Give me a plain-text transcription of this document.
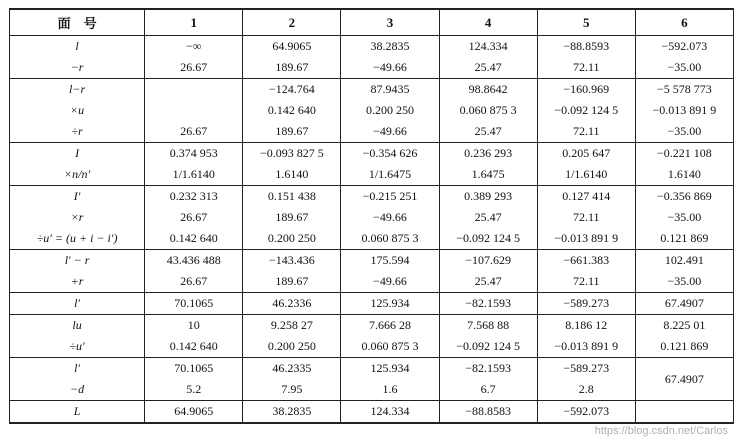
面　号	1	2	3	4	5	6
l	−∞	64.9065	38.2835	124.334	−88.8593	−592.073
−r	26.67	189.67	−49.66	25.47	72.11	−35.00
l−r		−124.764	87.9435	98.8642	−160.969	−5 578 773
×u		0.142 640	0.200 250	0.060 875 3	−0.092 124 5	−0.013 891 9
÷r	26.67	189.67	−49.66	25.47	72.11	−35.00
I	0.374 953	−0.093 827 5	−0.354 626	0.236 293	0.205 647	−0.221 108
×n/n′	1/1.6140	1.6140	1/1.6475	1.6475	1/1.6140	1.6140
I′	0.232 313	0.151 438	−0.215 251	0.389 293	0.127 414	−0.356 869
×r	26.67	189.67	−49.66	25.47	72.11	−35.00
÷u′ = (u + i − i′)	0.142 640	0.200 250	0.060 875 3	−0.092 124 5	−0.013 891 9	0.121 869
l′ − r	43.436 488	−143.436	175.594	−107.629	−661.383	102.491
+r	26.67	189.67	−49.66	25.47	72.11	−35.00
l′	70.1065	46.2336	125.934	−82.1593	−589.273	67.4907
lu	10	9.258 27	7.666 28	7.568 88	8.186 12	8.225 01
÷u′	0.142 640	0.200 250	0.060 875 3	−0.092 124 5	−0.013 891 9	0.121 869
l′	70.1065	46.2335	125.934	−82.1593	−589.273	67.4907
−d	5.2	7.95	1.6	6.7	2.8	
L	64.9065	38.2835	124.334	−88.8583	−592.073	
https://blog.csdn.net/Carlos
